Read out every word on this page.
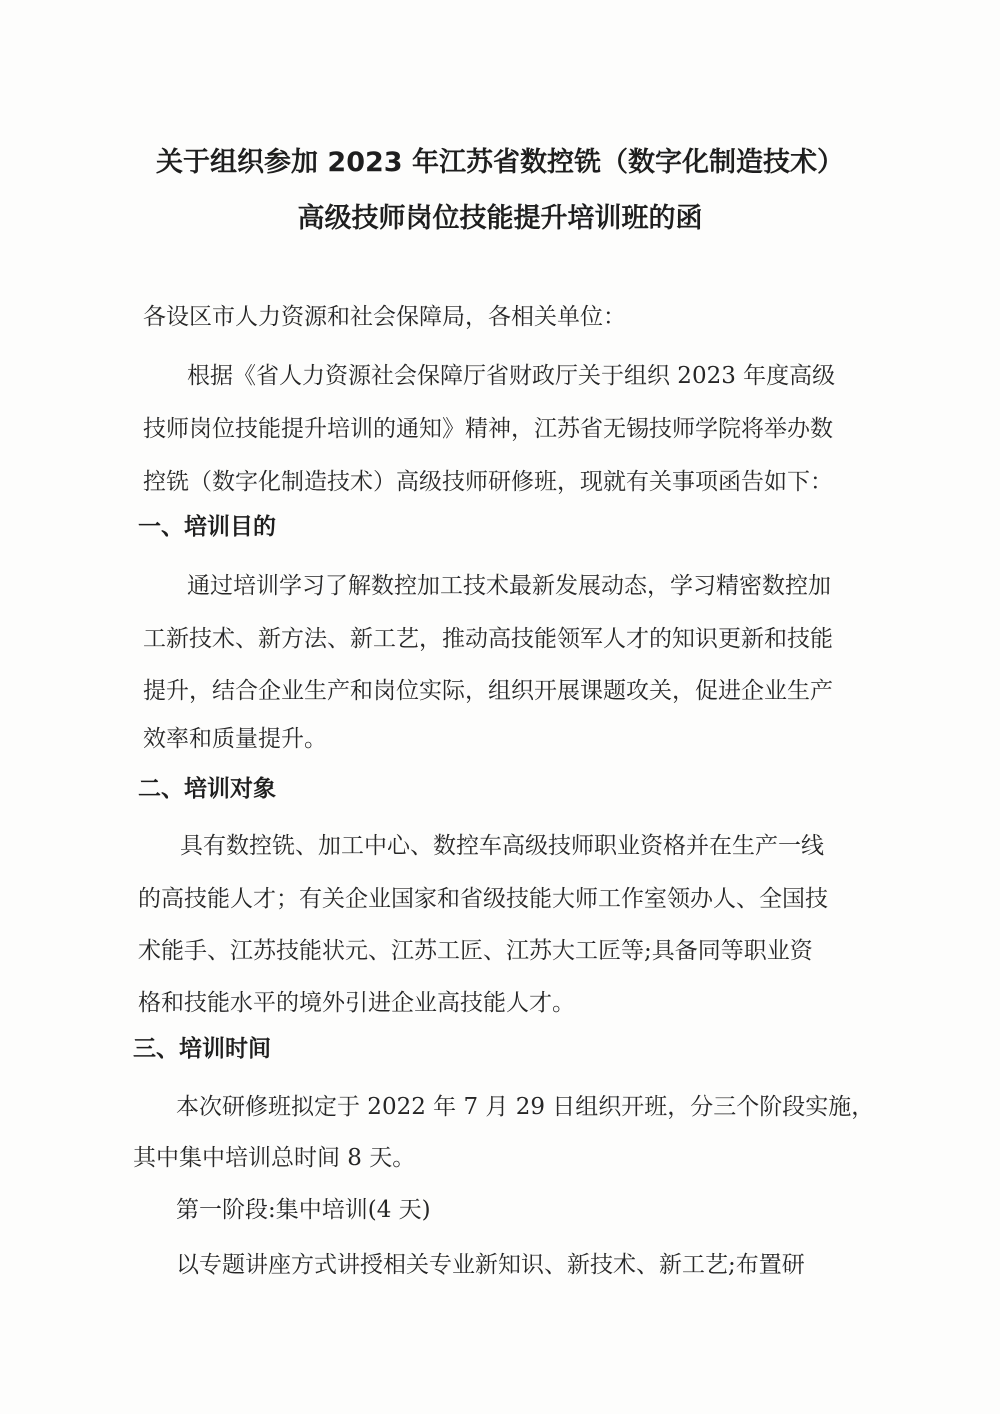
关于组织参加 2023 年江苏省数控铣（数字化制造技术）
高级技师岗位技能提升培训班的函
各设区市人力资源和社会保障局，各相关单位：
根据《省人力资源社会保障厅省财政厅关于组织 2023 年度高级
技师岗位技能提升培训的通知》精神，江苏省无锡技师学院将举办数
控铣（数字化制造技术）高级技师研修班，现就有关事项函告如下：
一、培训目的
通过培训学习了解数控加工技术最新发展动态，学习精密数控加
工新技术、新方法、新工艺，推动高技能领军人才的知识更新和技能
提升，结合企业生产和岗位实际，组织开展课题攻关，促进企业生产
效率和质量提升。
二、培训对象
具有数控铣、加工中心、数控车高级技师职业资格并在生产一线
的高技能人才；有关企业国家和省级技能大师工作室领办人、全国技
术能手、江苏技能状元、江苏工匠、江苏大工匠等;具备同等职业资
格和技能水平的境外引进企业高技能人才。
三、培训时间
本次研修班拟定于 2022 年 7 月 29 日组织开班，分三个阶段实施，
其中集中培训总时间 8 天。
第一阶段:集中培训(4 天)
以专题讲座方式讲授相关专业新知识、新技术、新工艺;布置研
